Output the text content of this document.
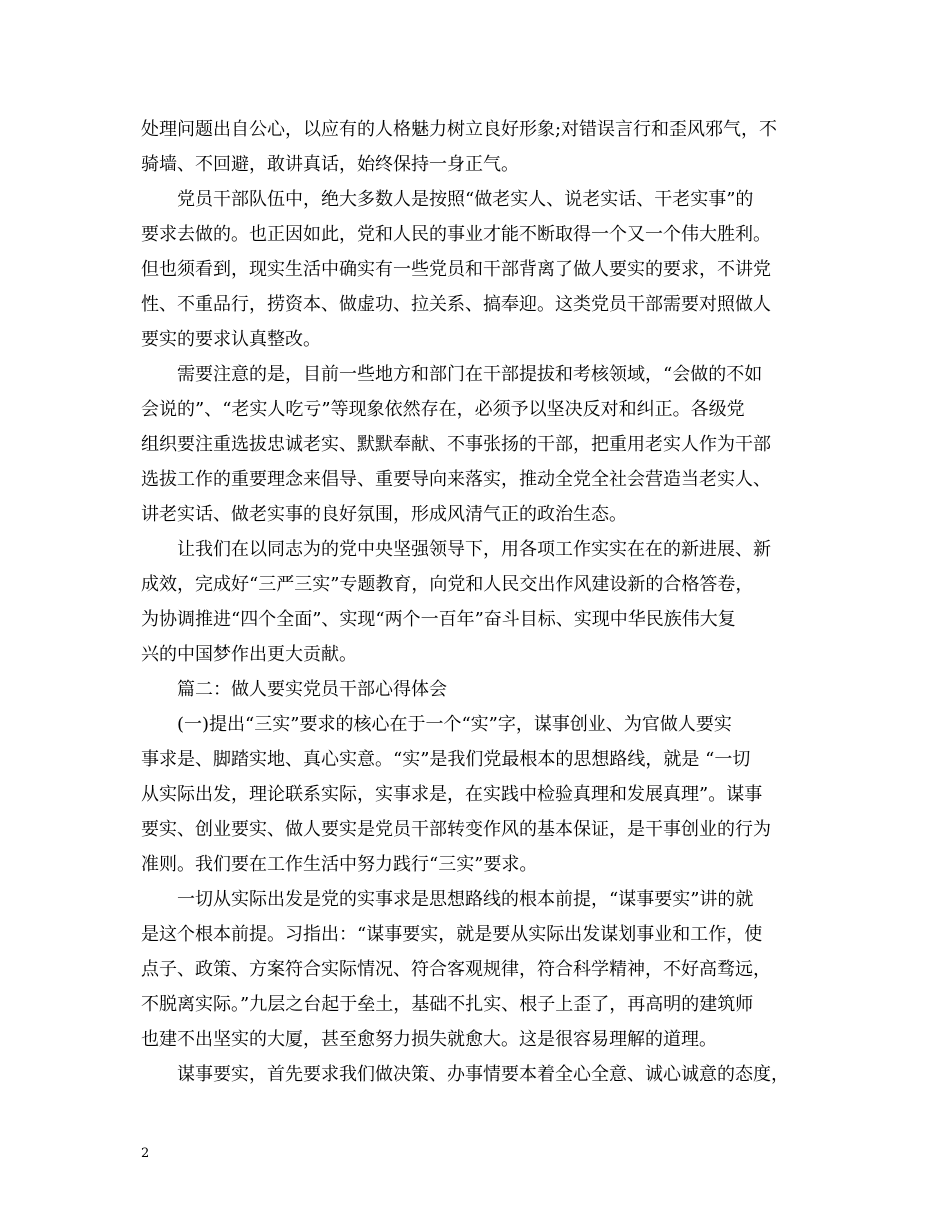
处理问题出自公心，以应有的人格魅力树立良好形象;对错误言行和歪风邪气，不
骑墙、不回避，敢讲真话，始终保持一身正气。
党员干部队伍中，绝大多数人是按照“做老实人、说老实话、干老实事”的
要求去做的。也正因如此，党和人民的事业才能不断取得一个又一个伟大胜利。
但也须看到，现实生活中确实有一些党员和干部背离了做人要实的要求，不讲党
性、不重品行，捞资本、做虚功、拉关系、搞奉迎。这类党员干部需要对照做人
要实的要求认真整改。
需要注意的是，目前一些地方和部门在干部提拔和考核领域，“会做的不如
会说的”、“老实人吃亏”等现象依然存在，必须予以坚决反对和纠正。各级党
组织要注重选拔忠诚老实、默默奉献、不事张扬的干部，把重用老实人作为干部
选拔工作的重要理念来倡导、重要导向来落实，推动全党全社会营造当老实人、
讲老实话、做老实事的良好氛围，形成风清气正的政治生态。
让我们在以同志为的党中央坚强领导下，用各项工作实实在在的新进展、新
成效，完成好“三严三实”专题教育，向党和人民交出作风建设新的合格答卷，
为协调推进“四个全面”、实现“两个一百年”奋斗目标、实现中华民族伟大复
兴的中国梦作出更大贡献。
篇二：做人要实党员干部心得体会
(一)提出“三实”要求的核心在于一个“实”字，谋事创业、为官做人要实
事求是、脚踏实地、真心实意。“实”是我们党最根本的思想路线，就是 “一切
从实际出发，理论联系实际，实事求是，在实践中检验真理和发展真理”。谋事
要实、创业要实、做人要实是党员干部转变作风的基本保证，是干事创业的行为
准则。我们要在工作生活中努力践行“三实”要求。
一切从实际出发是党的实事求是思想路线的根本前提，“谋事要实”讲的就
是这个根本前提。习指出：“谋事要实，就是要从实际出发谋划事业和工作，使
点子、政策、方案符合实际情况、符合客观规律，符合科学精神，不好高骛远，
不脱离实际。”九层之台起于垒土，基础不扎实、根子上歪了，再高明的建筑师
也建不出坚实的大厦，甚至愈努力损失就愈大。这是很容易理解的道理。
谋事要实，首先要求我们做决策、办事情要本着全心全意、诚心诚意的态度，
2
